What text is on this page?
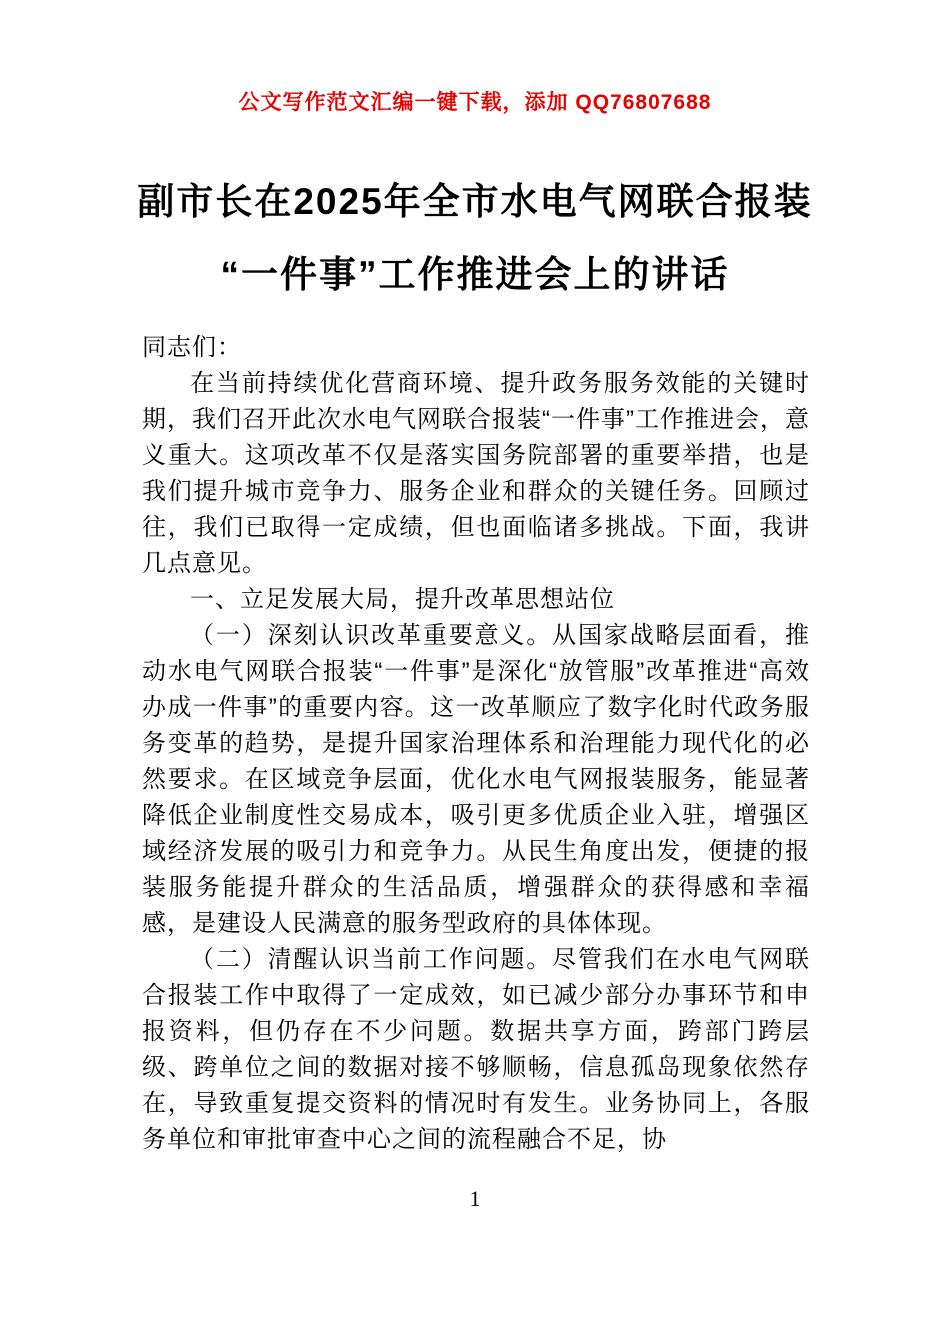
公文写作范文汇编一键下载，添加 QQ76807688
副市长在2025年全市水电气网联合报装
“一件事”工作推进会上的讲话

同志们：

在当前持续优化营商环境、提升政务服务效能的关键时期，我们召开此次水电气网联合报装“一件事”工作推进会，意义重大。这项改革不仅是落实国务院部署的重要举措，也是我们提升城市竞争力、服务企业和群众的关键任务。回顾过往，我们已取得一定成绩，但也面临诸多挑战。下面，我讲几点意见。

一、立足发展大局，提升改革思想站位

（一）深刻认识改革重要意义。从国家战略层面看，推动水电气网联合报装“一件事”是深化“放管服”改革推进“高效办成一件事”的重要内容。这一改革顺应了数字化时代政务服务变革的趋势，是提升国家治理体系和治理能力现代化的必然要求。在区域竞争层面，优化水电气网报装服务，能显著降低企业制度性交易成本，吸引更多优质企业入驻，增强区域经济发展的吸引力和竞争力。从民生角度出发，便捷的报装服务能提升群众的生活品质，增强群众的获得感和幸福感，是建设人民满意的服务型政府的具体体现。

（二）清醒认识当前工作问题。尽管我们在水电气网联合报装工作中取得了一定成效，如已减少部分办事环节和申报资料，但仍存在不少问题。数据共享方面，跨部门跨层级、跨单位之间的数据对接不够顺畅，信息孤岛现象依然存在，导致重复提交资料的情况时有发生。业务协同上，各服务单位和审批审查中心之间的流程融合不足，协

1
